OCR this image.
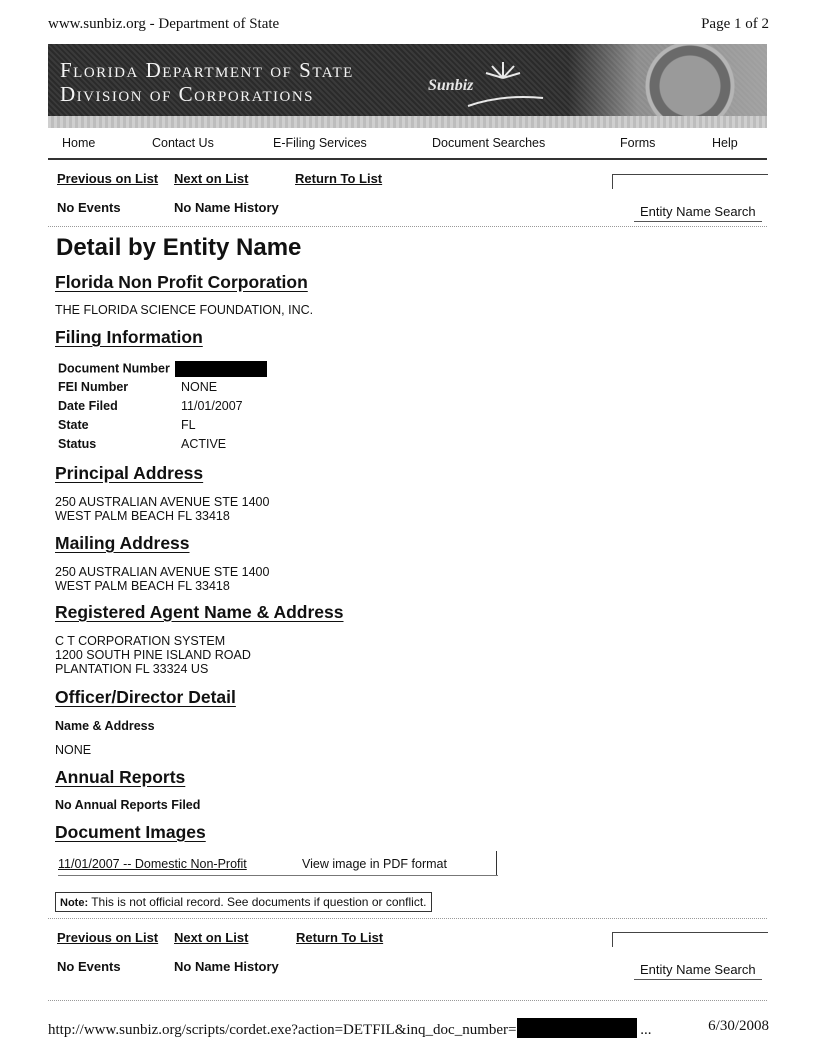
www.sunbiz.org - Department of State	Page 1 of 2
Florida Department of State
Division of Corporations	Sunbiz
Home	Contact Us	E-Filing Services	Document Searches	Forms	Help
Previous on List Next on List	Return To List
No Events	No Name History	Entity Name Search
Detail by Entity Name
Florida Non Profit Corporation
THE FLORIDA SCIENCE FOUNDATION, INC.
Filing Information
Document Number
FEI Number	NONE
Date Filed	11/01/2007
State	FL
Status	ACTIVE
Principal Address
250 AUSTRALIAN AVENUE STE 1400
WEST PALM BEACH FL 33418
Mailing Address
250 AUSTRALIAN AVENUE STE 1400
WEST PALM BEACH FL 33418
Registered Agent Name & Address
C T CORPORATION SYSTEM
1200 SOUTH PINE ISLAND ROAD
PLANTATION FL 33324 US
Officer/Director Detail
Name & Address
NONE
Annual Reports
No Annual Reports Filed
Document Images
11/01/2007 -- Domestic Non-Profit	View image in PDF format
Note: This is not official record. See documents if question or conflict.
Previous on List Next on List	Return To List
No Events	No Name History	Entity Name Search
http://www.sunbiz.org/scripts/cordet.exe?action=DETFIL&inq_doc_number=	...	6/30/2008
